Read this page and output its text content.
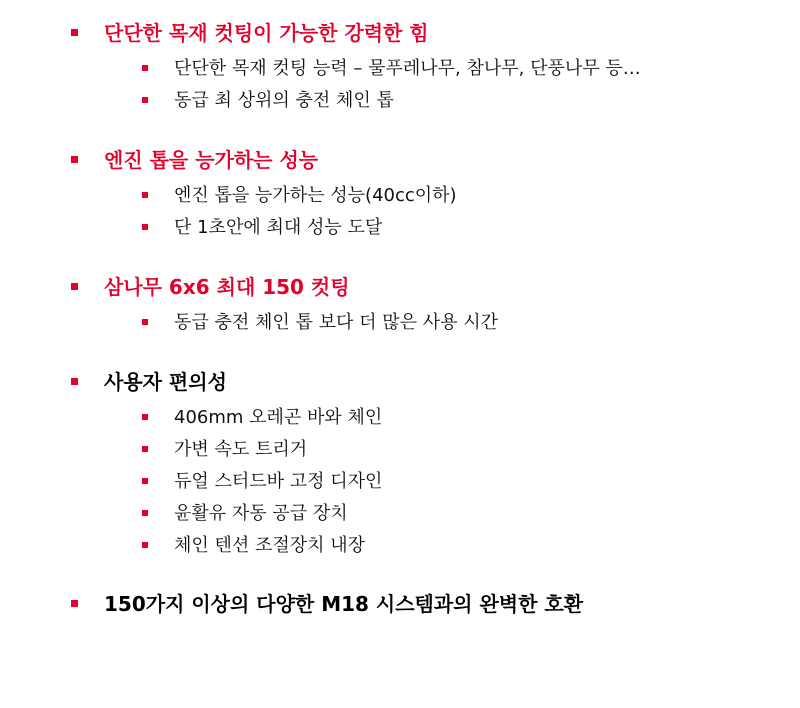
단단한 목재 컷팅이 가능한 강력한 힘
단단한 목재 컷팅 능력 – 물푸레나무, 참나무, 단풍나무 등…
동급 최 상위의 충전 체인 톱
엔진 톱을 능가하는 성능
엔진 톱을 능가하는 성능(40cc이하)
단 1초안에 최대 성능 도달
삼나무 6x6 최대 150 컷팅
동급 충전 체인 톱 보다 더 많은 사용 시간
사용자 편의성
406mm 오레곤 바와 체인
가변 속도 트리거
듀얼 스터드바 고정 디자인
윤활유 자동 공급 장치
체인 텐션 조절장치 내장
150가지 이상의 다양한 M18 시스템과의 완벽한 호환
